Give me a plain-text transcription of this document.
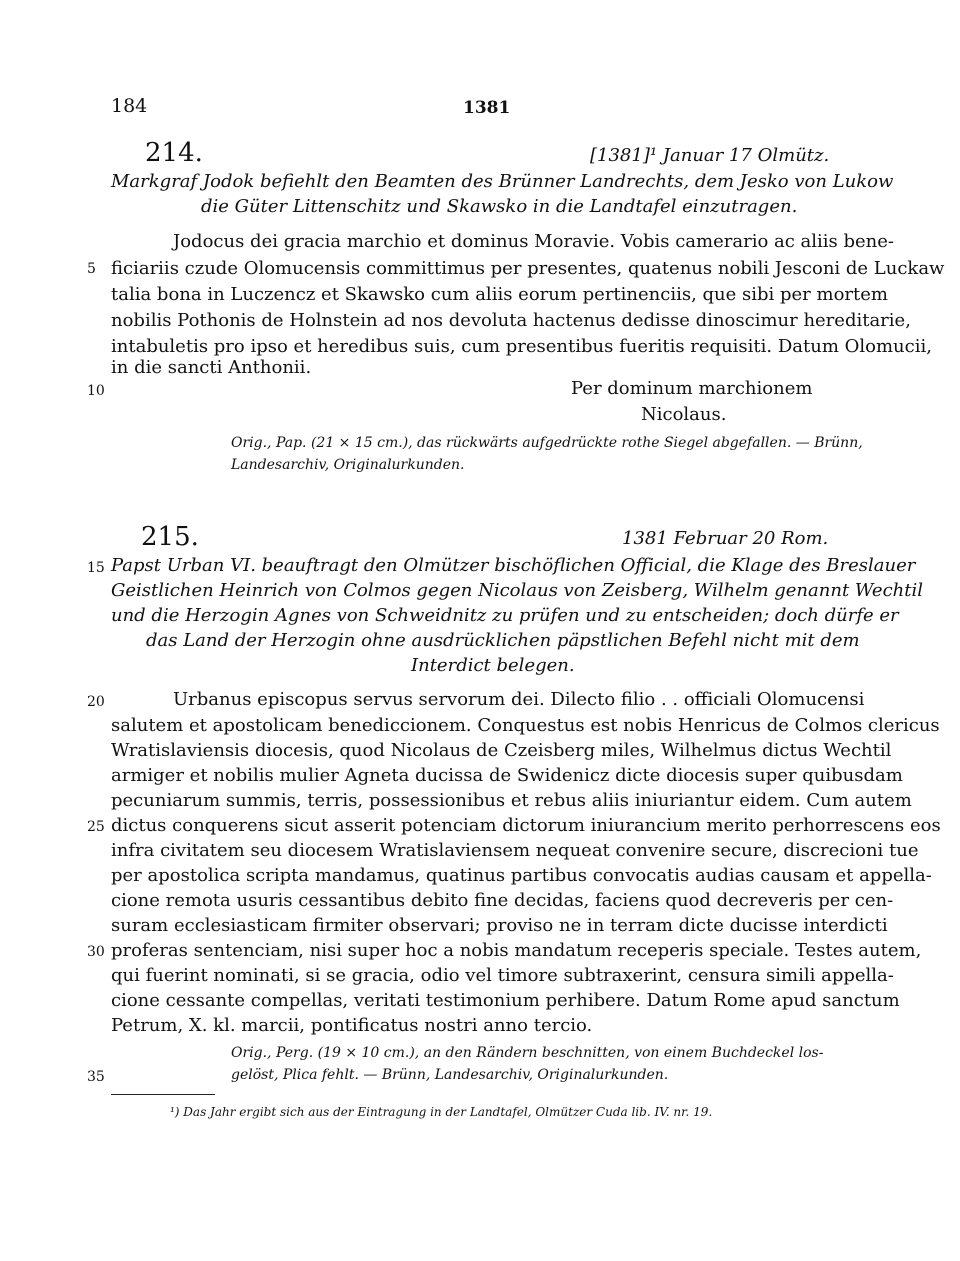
184	1381
214.	[1381]¹ Januar 17 Olmütz.
Markgraf Jodok befiehlt den Beamten des Brünner Landrechts, dem Jesko von Lukow
die Güter Littenschitz und Skawsko in die Landtafel einzutragen.
Jodocus dei gracia marchio et dominus Moravie. Vobis camerario ac aliis bene-
ficiariis czude Olomucensis committimus per presentes, quatenus nobili Jesconi de Luckaw
talia bona in Luczencz et Skawsko cum aliis eorum pertinenciis, que sibi per mortem
nobilis Pothonis de Holnstein ad nos devoluta hactenus dedisse dinoscimur hereditarie,
intabuletis pro ipso et heredibus suis, cum presentibus fueritis requisiti. Datum Olomucii,
in die sancti Anthonii.
Per dominum marchionem
Nicolaus.
Orig., Pap. (21 × 15 cm.), das rückwärts aufgedrückte rothe Siegel abgefallen. — Brünn,
Landesarchiv, Originalurkunden.
215.	1381 Februar 20 Rom.
Papst Urban VI. beauftragt den Olmützer bischöflichen Official, die Klage des Breslauer
Geistlichen Heinrich von Colmos gegen Nicolaus von Zeisberg, Wilhelm genannt Wechtil
und die Herzogin Agnes von Schweidnitz zu prüfen und zu entscheiden; doch dürfe er
das Land der Herzogin ohne ausdrücklichen päpstlichen Befehl nicht mit dem
Interdict belegen.
Urbanus episcopus servus servorum dei. Dilecto filio . . officiali Olomucensi
salutem et apostolicam benediccionem. Conquestus est nobis Henricus de Colmos clericus
Wratislaviensis diocesis, quod Nicolaus de Czeisberg miles, Wilhelmus dictus Wechtil
armiger et nobilis mulier Agneta ducissa de Swidenicz dicte diocesis super quibusdam
pecuniarum summis, terris, possessionibus et rebus aliis iniuriantur eidem. Cum autem
dictus conquerens sicut asserit potenciam dictorum iniurancium merito perhorrescens eos
infra civitatem seu diocesem Wratislaviensem nequeat convenire secure, discrecioni tue
per apostolica scripta mandamus, quatinus partibus convocatis audias causam et appella-
cione remota usuris cessantibus debito fine decidas, faciens quod decreveris per cen-
suram ecclesiasticam firmiter observari; proviso ne in terram dicte ducisse interdicti
proferas sentenciam, nisi super hoc a nobis mandatum receperis speciale. Testes autem,
qui fuerint nominati, si se gracia, odio vel timore subtraxerint, censura simili appella-
cione cessante compellas, veritati testimonium perhibere. Datum Rome apud sanctum
Petrum, X. kl. marcii, pontificatus nostri anno tercio.
Orig., Perg. (19 × 10 cm.), an den Rändern beschnitten, von einem Buchdeckel los-
gelöst, Plica fehlt. — Brünn, Landesarchiv, Originalurkunden.
5
10
15
20
25
30
35
¹) Das Jahr ergibt sich aus der Eintragung in der Landtafel, Olmützer Cuda lib. IV. nr. 19.
